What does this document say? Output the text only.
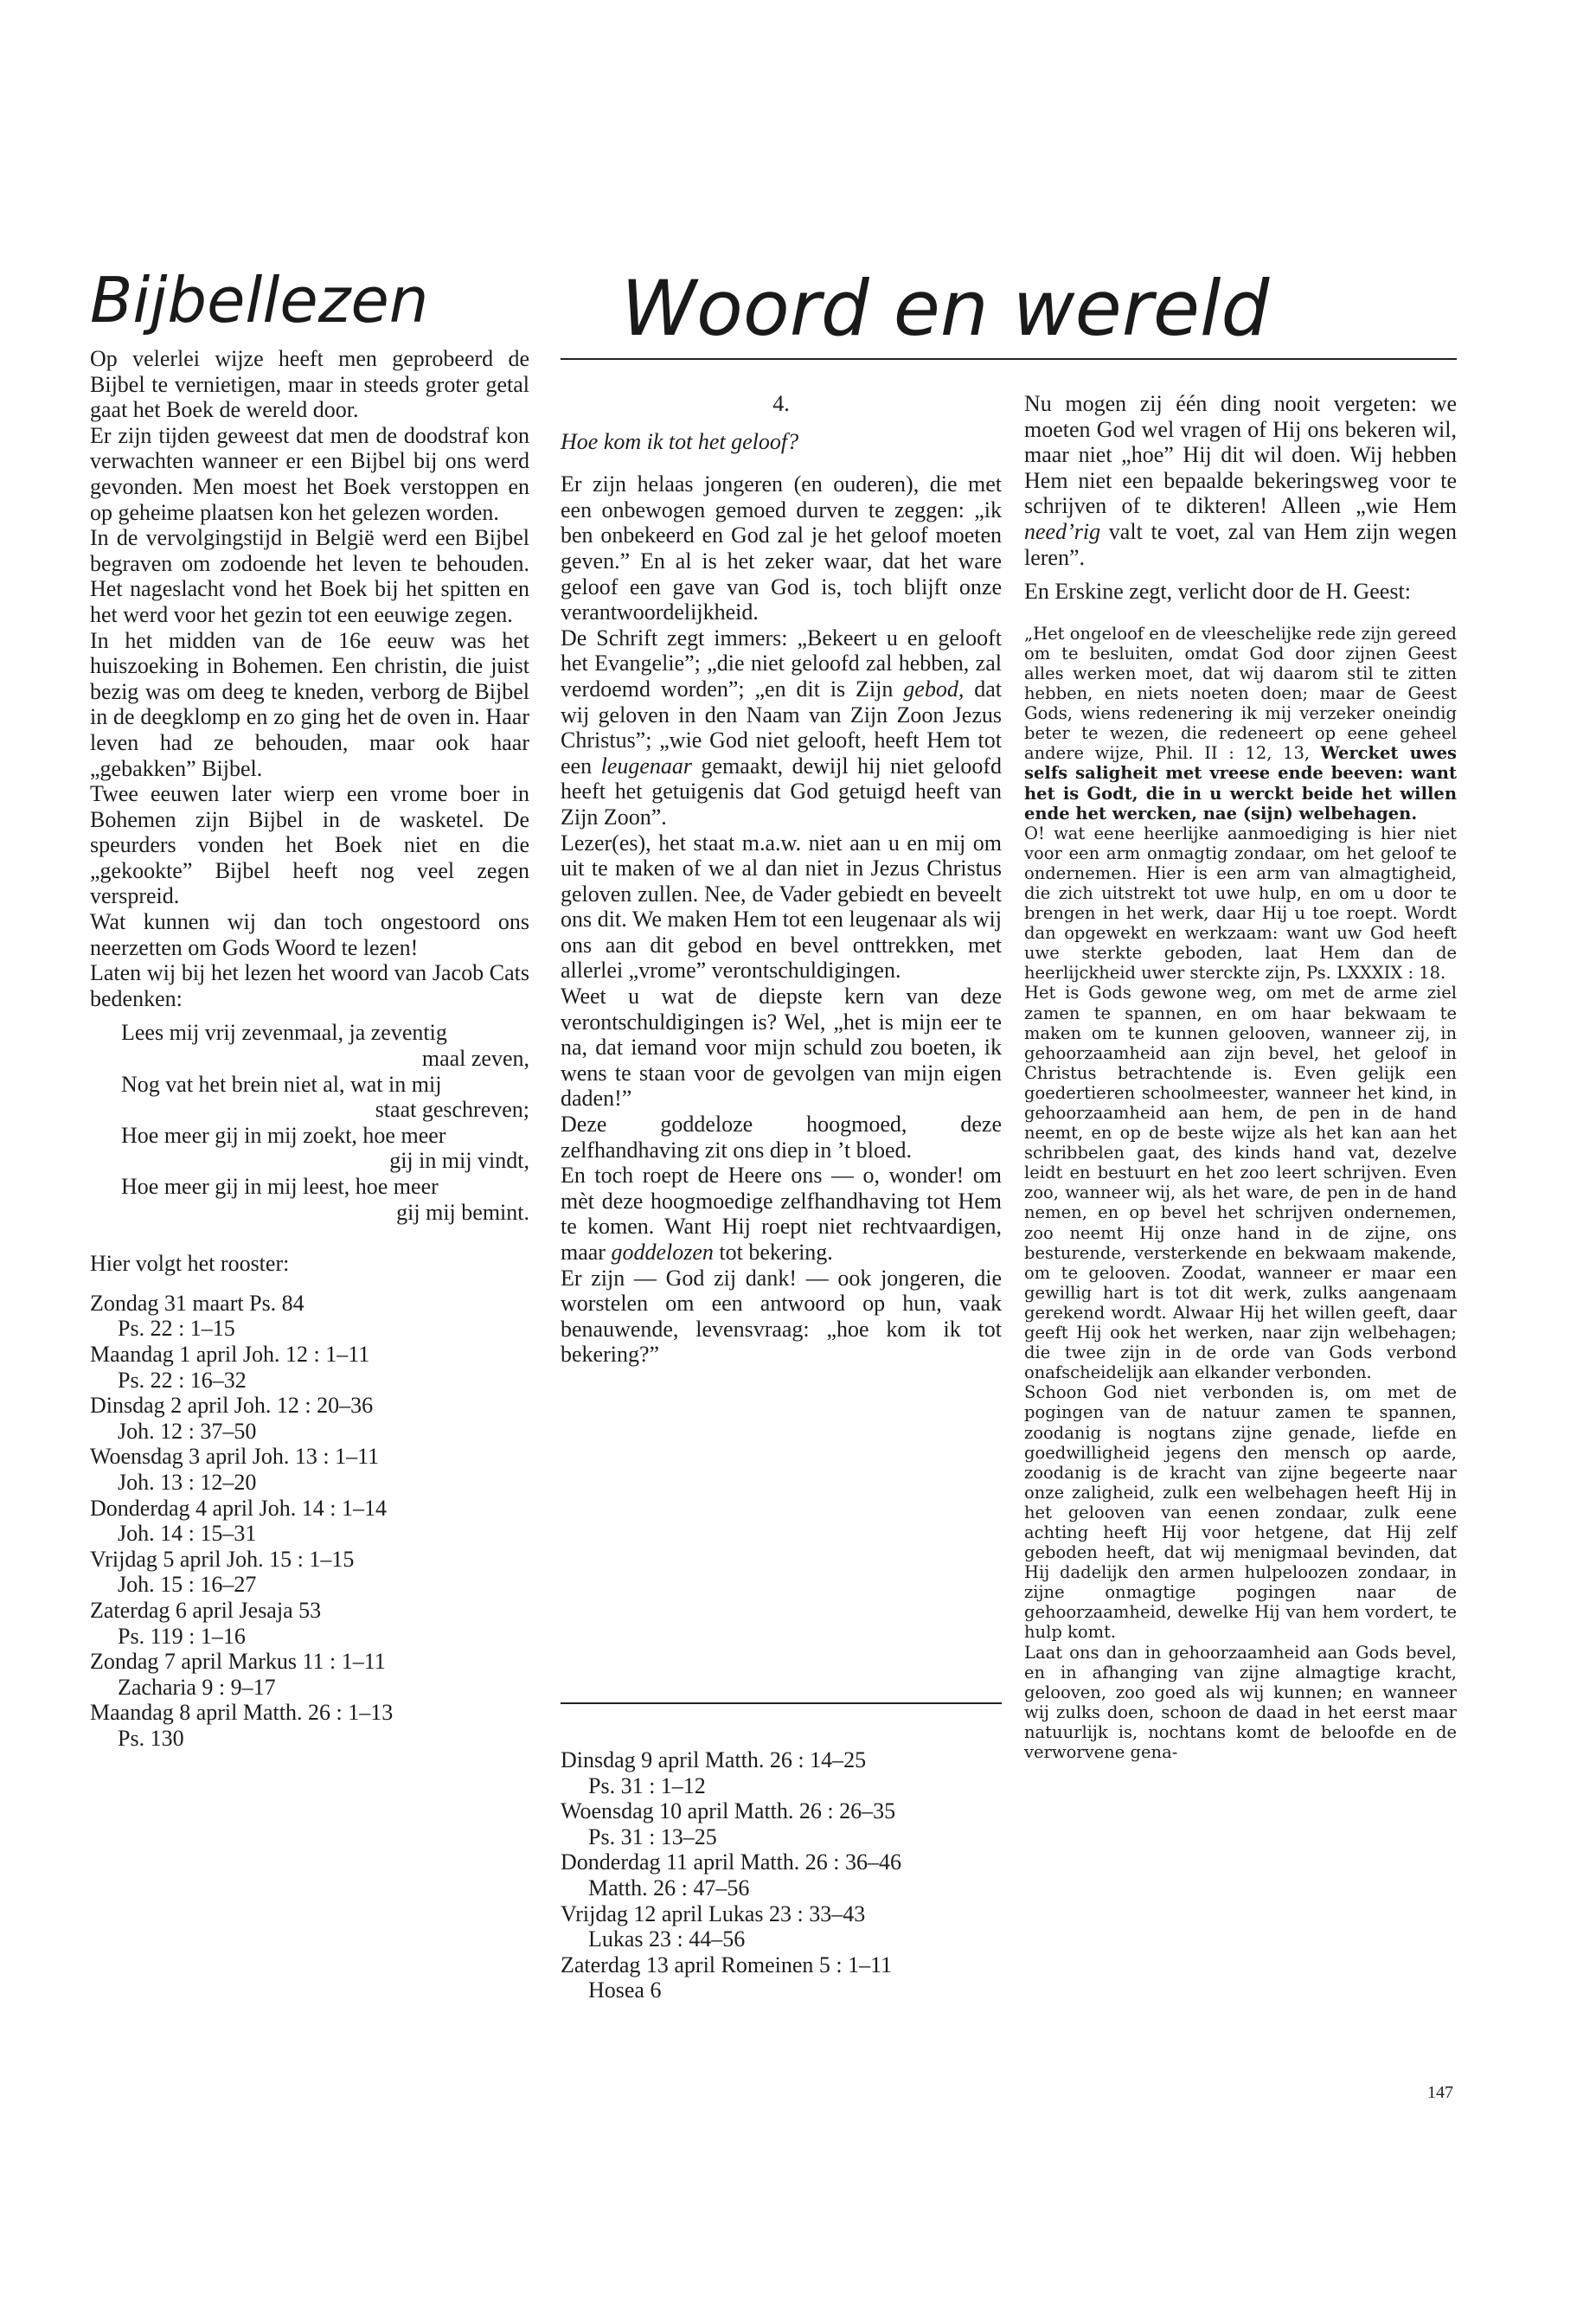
Bijbellezen	Woord en wereld

Op velerlei wijze heeft men geprobeerd de Bijbel te vernietigen, maar in steeds groter getal gaat het Boek de wereld door.

Er zijn tijden geweest dat men de doodstraf kon verwachten wanneer er een Bijbel bij ons werd gevonden. Men moest het Boek verstoppen en op geheime plaatsen kon het gelezen worden.

In de vervolgingstijd in België werd een Bijbel begraven om zodoende het leven te behouden. Het nageslacht vond het Boek bij het spitten en het werd voor het gezin tot een eeuwige zegen.

In het midden van de 16e eeuw was het huiszoeking in Bohemen. Een christin, die juist bezig was om deeg te kneden, verborg de Bijbel in de deegklomp en zo ging het de oven in. Haar leven had ze behouden, maar ook haar „gebakken” Bijbel.

Twee eeuwen later wierp een vrome boer in Bohemen zijn Bijbel in de wasketel. De speurders vonden het Boek niet en die „gekookte” Bijbel heeft nog veel zegen verspreid.

Wat kunnen wij dan toch ongestoord ons neerzetten om Gods Woord te lezen!

Laten wij bij het lezen het woord van Jacob Cats bedenken:

Lees mij vrij zevenmaal, ja zeventig
maal zeven,
Nog vat het brein niet al, wat in mij
staat geschreven;
Hoe meer gij in mij zoekt, hoe meer
gij in mij vindt,
Hoe meer gij in mij leest, hoe meer
gij mij bemint.

Hier volgt het rooster:

Zondag 31 maart Ps. 84
Ps. 22 : 1–15
Maandag 1 april Joh. 12 : 1–11
Ps. 22 : 16–32
Dinsdag 2 april Joh. 12 : 20–36
Joh. 12 : 37–50
Woensdag 3 april Joh. 13 : 1–11
Joh. 13 : 12–20
Donderdag 4 april Joh. 14 : 1–14
Joh. 14 : 15–31
Vrijdag 5 april Joh. 15 : 1–15
Joh. 15 : 16–27
Zaterdag 6 april Jesaja 53
Ps. 119 : 1–16
Zondag 7 april Markus 11 : 1–11
Zacharia 9 : 9–17
Maandag 8 april Matth. 26 : 1–13
Ps. 130

4.

Hoe kom ik tot het geloof?

Er zijn helaas jongeren (en ouderen), die met een onbewogen gemoed durven te zeggen: „ik ben onbekeerd en God zal je het geloof moeten geven.” En al is het zeker waar, dat het ware geloof een gave van God is, toch blijft onze verantwoordelijkheid.

De Schrift zegt immers: „Bekeert u en gelooft het Evangelie”; „die niet geloofd zal hebben, zal verdoemd worden”; „en dit is Zijn gebod, dat wij geloven in den Naam van Zijn Zoon Jezus Christus”; „wie God niet gelooft, heeft Hem tot een leugenaar gemaakt, dewijl hij niet geloofd heeft het getuigenis dat God getuigd heeft van Zijn Zoon”.

Lezer(es), het staat m.a.w. niet aan u en mij om uit te maken of we al dan niet in Jezus Christus geloven zullen. Nee, de Vader gebiedt en beveelt ons dit. We maken Hem tot een leugenaar als wij ons aan dit gebod en bevel onttrekken, met allerlei „vrome” verontschuldigingen.

Weet u wat de diepste kern van deze verontschuldigingen is? Wel, „het is mijn eer te na, dat iemand voor mijn schuld zou boeten, ik wens te staan voor de gevolgen van mijn eigen daden!”

Deze goddeloze hoogmoed, deze zelfhandhaving zit ons diep in ’t bloed.

En toch roept de Heere ons — o, wonder! om mèt deze hoogmoedige zelfhandhaving tot Hem te komen. Want Hij roept niet rechtvaardigen, maar goddelozen tot bekering.

Er zijn — God zij dank! — ook jongeren, die worstelen om een antwoord op hun, vaak benauwende, levensvraag: „hoe kom ik tot bekering?”

Dinsdag 9 april Matth. 26 : 14–25
Ps. 31 : 1–12
Woensdag 10 april Matth. 26 : 26–35
Ps. 31 : 13–25
Donderdag 11 april Matth. 26 : 36–46
Matth. 26 : 47–56
Vrijdag 12 april Lukas 23 : 33–43
Lukas 23 : 44–56
Zaterdag 13 april Romeinen 5 : 1–11
Hosea 6

Nu mogen zij één ding nooit vergeten: we moeten God wel vragen of Hij ons bekeren wil, maar niet „hoe” Hij dit wil doen. Wij hebben Hem niet een bepaalde bekeringsweg voor te schrijven of te dikteren! Alleen „wie Hem need’rig valt te voet, zal van Hem zijn wegen leren”.

En Erskine zegt, verlicht door de H. Geest:

„Het ongeloof en de vleeschelijke rede zijn gereed om te besluiten, omdat God door zijnen Geest alles werken moet, dat wij daarom stil te zitten hebben, en niets noeten doen; maar de Geest Gods, wiens redenering ik mij verzeker oneindig beter te wezen, die redeneert op eene geheel andere wijze, Phil. II : 12, 13, Wercket uwes selfs saligheit met vreese ende beeven: want het is Godt, die in u werckt beide het willen ende het wercken, nae (sijn) welbehagen.

O! wat eene heerlijke aanmoediging is hier niet voor een arm onmagtig zondaar, om het geloof te ondernemen. Hier is een arm van almagtigheid, die zich uitstrekt tot uwe hulp, en om u door te brengen in het werk, daar Hij u toe roept. Wordt dan opgewekt en werkzaam: want uw God heeft uwe sterkte geboden, laat Hem dan de heerlijckheid uwer sterckte zijn, Ps. LXXXIX : 18.

Het is Gods gewone weg, om met de arme ziel zamen te spannen, en om haar bekwaam te maken om te kunnen gelooven, wanneer zij, in gehoorzaamheid aan zijn bevel, het geloof in Christus betrachtende is. Even gelijk een goedertieren schoolmeester, wanneer het kind, in gehoorzaamheid aan hem, de pen in de hand neemt, en op de beste wijze als het kan aan het schribbelen gaat, des kinds hand vat, dezelve leidt en bestuurt en het zoo leert schrijven. Even zoo, wanneer wij, als het ware, de pen in de hand nemen, en op bevel het schrijven ondernemen, zoo neemt Hij onze hand in de zijne, ons besturende, versterkende en bekwaam makende, om te gelooven. Zoodat, wanneer er maar een gewillig hart is tot dit werk, zulks aangenaam gerekend wordt. Alwaar Hij het willen geeft, daar geeft Hij ook het werken, naar zijn welbehagen; die twee zijn in de orde van Gods verbond onafscheidelijk aan elkander verbonden.

Schoon God niet verbonden is, om met de pogingen van de natuur zamen te spannen, zoodanig is nogtans zijne genade, liefde en goedwilligheid jegens den mensch op aarde, zoodanig is de kracht van zijne begeerte naar onze zaligheid, zulk een welbehagen heeft Hij in het gelooven van eenen zondaar, zulk eene achting heeft Hij voor hetgene, dat Hij zelf geboden heeft, dat wij menigmaal bevinden, dat Hij dadelijk den armen hulpeloozen zondaar, in zijne onmagtige pogingen naar de gehoorzaamheid, dewelke Hij van hem vordert, te hulp komt.

Laat ons dan in gehoorzaamheid aan Gods bevel, en in afhanging van zijne almagtige kracht, gelooven, zoo goed als wij kunnen; en wanneer wij zulks doen, schoon de daad in het eerst maar natuurlijk is, nochtans komt de beloofde en de verworvene gena-

147
